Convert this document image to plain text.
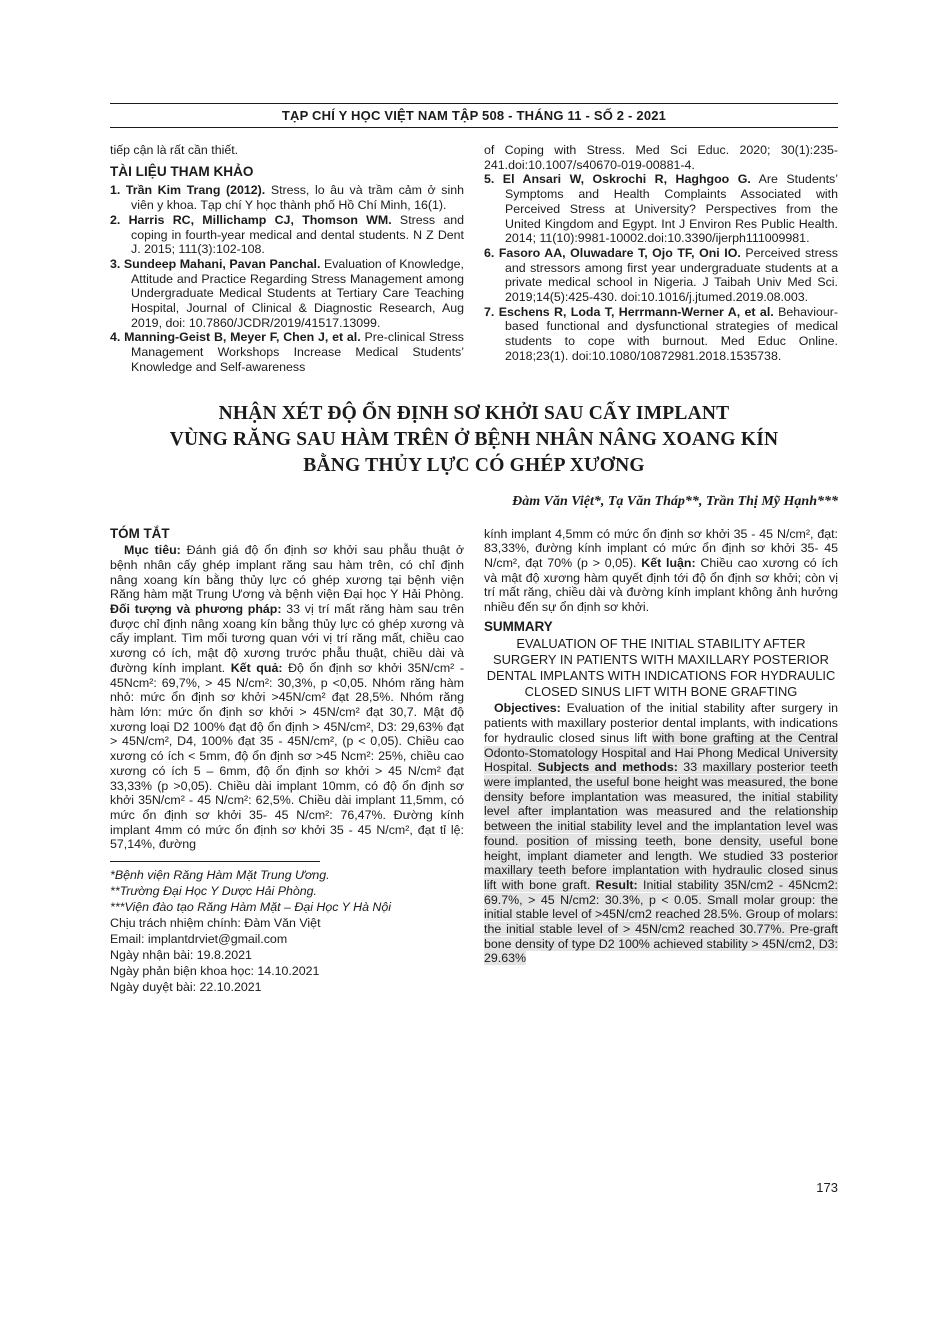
TẠP CHÍ Y HỌC VIỆT NAM TẬP 508 - THÁNG 11 - SỐ 2 - 2021

tiếp cận là rất cần thiết.

TÀI LIỆU THAM KHẢO

1. Trần Kim Trang (2012). Stress, lo âu và trầm cảm ở sinh viên y khoa. Tạp chí Y học thành phố Hồ Chí Minh, 16(1).

2. Harris RC, Millichamp CJ, Thomson WM. Stress and coping in fourth-year medical and dental students. N Z Dent J. 2015; 111(3):102-108.

3. Sundeep Mahani, Pavan Panchal. Evaluation of Knowledge, Attitude and Practice Regarding Stress Management among Undergraduate Medical Students at Tertiary Care Teaching Hospital, Journal of Clinical & Diagnostic Research, Aug 2019, doi: 10.7860/JCDR/2019/41517.13099.

4. Manning-Geist B, Meyer F, Chen J, et al. Pre-clinical Stress Management Workshops Increase Medical Students’ Knowledge and Self-awareness

of Coping with Stress. Med Sci Educ. 2020; 30(1):235-241.doi:10.1007/s40670-019-00881-4.

5. El Ansari W, Oskrochi R, Haghgoo G. Are Students’ Symptoms and Health Complaints Associated with Perceived Stress at University? Perspectives from the United Kingdom and Egypt. Int J Environ Res Public Health. 2014; 11(10):9981-10002.doi:10.3390/ijerph111009981.

6. Fasoro AA, Oluwadare T, Ojo TF, Oni IO. Perceived stress and stressors among first year undergraduate students at a private medical school in Nigeria. J Taibah Univ Med Sci. 2019;14(5):425-430. doi:10.1016/j.jtumed.2019.08.003.

7. Eschens R, Loda T, Herrmann-Werner A, et al. Behaviour-based functional and dysfunctional strategies of medical students to cope with burnout. Med Educ Online. 2018;23(1). doi:10.1080/10872981.2018.1535738.

NHẬN XÉT ĐỘ ỔN ĐỊNH SƠ KHỞI SAU CẤY IMPLANT
VÙNG RĂNG SAU HÀM TRÊN Ở BỆNH NHÂN NÂNG XOANG KÍN
BẰNG THỦY LỰC CÓ GHÉP XƯƠNG
Đàm Văn Việt*, Tạ Văn Tháp**, Trần Thị Mỹ Hạnh***
TÓM TẮT

Mục tiêu: Đánh giá độ ổn định sơ khởi sau phẫu thuật ở bệnh nhân cấy ghép implant răng sau hàm trên, có chỉ định nâng xoang kín bằng thủy lực có ghép xương tại bệnh viện Răng hàm mặt Trung Ương và bệnh viện Đại học Y Hải Phòng. Đối tượng và phương pháp: 33 vị trí mất răng hàm sau trên được chỉ định nâng xoang kín bằng thủy lực có ghép xương và cấy implant. Tìm mối tương quan với vị trí răng mất, chiều cao xương có ích, mật độ xương trước phẫu thuật, chiều dài và đường kính implant. Kết quả: Độ ổn định sơ khởi 35N/cm² - 45Ncm²: 69,7%, > 45 N/cm²: 30,3%, p <0,05. Nhóm răng hàm nhỏ: mức ổn định sơ khởi >45N/cm² đạt 28,5%. Nhóm răng hàm lớn: mức ổn định sơ khởi > 45N/cm² đạt 30,7. Mật độ xương loại D2 100% đạt độ ổn định > 45N/cm², D3: 29,63% đạt > 45N/cm², D4, 100% đạt 35 - 45N/cm², (p < 0,05). Chiều cao xương có ích < 5mm, độ ổn định sơ >45 Ncm²: 25%, chiều cao xương có ích 5 – 6mm, độ ổn định sơ khởi > 45 N/cm² đạt 33,33% (p >0,05). Chiều dài implant 10mm, có độ ổn định sơ khởi 35N/cm² - 45 N/cm²: 62,5%. Chiều dài implant 11,5mm, có mức ổn định sơ khởi 35- 45 N/cm²: 76,47%. Đường kính implant 4mm có mức ổn định sơ khởi 35 - 45 N/cm², đạt tỉ lệ: 57,14%, đường

*Bệnh viện Răng Hàm Mặt Trung Ương.

**Trường Đại Học Y Dược Hải Phòng.

***Viện đào tạo Răng Hàm Mặt – Đại Học Y Hà Nội

Chịu trách nhiệm chính: Đàm Văn Việt

Email: implantdrviet@gmail.com

Ngày nhận bài: 19.8.2021

Ngày phản biện khoa học: 14.10.2021

Ngày duyệt bài: 22.10.2021

kính implant 4,5mm có mức ổn định sơ khởi 35 - 45 N/cm², đạt: 83,33%, đường kính implant có mức ổn định sơ khởi 35- 45 N/cm², đạt 70% (p > 0,05). Kết luận: Chiều cao xương có ích và mật độ xương hàm quyết định tới độ ổn định sơ khởi; còn vị trí mất răng, chiều dài và đường kính implant không ảnh hưởng nhiều đến sự ổn định sơ khởi.

SUMMARY
EVALUATION OF THE INITIAL STABILITY AFTER SURGERY IN PATIENTS WITH MAXILLARY POSTERIOR DENTAL IMPLANTS WITH INDICATIONS FOR HYDRAULIC CLOSED SINUS LIFT WITH BONE GRAFTING

Objectives: Evaluation of the initial stability after surgery in patients with maxillary posterior dental implants, with indications for hydraulic closed sinus lift with bone grafting at the Central Odonto-Stomatology Hospital and Hai Phong Medical University Hospital. Subjects and methods: 33 maxillary posterior teeth were implanted, the useful bone height was measured, the bone density before implantation was measured, the initial stability level after implantation was measured and the relationship between the initial stability level and the implantation level was found. position of missing teeth, bone density, useful bone height, implant diameter and length. We studied 33 posterior maxillary teeth before implantation with hydraulic closed sinus lift with bone graft. Result: Initial stability 35N/cm2 - 45Ncm2: 69.7%, > 45 N/cm2: 30.3%, p < 0.05. Small molar group: the initial stable level of >45N/cm2 reached 28.5%. Group of molars: the initial stable level of > 45N/cm2 reached 30.77%. Pre-graft bone density of type D2 100% achieved stability > 45N/cm2, D3: 29.63%

173
